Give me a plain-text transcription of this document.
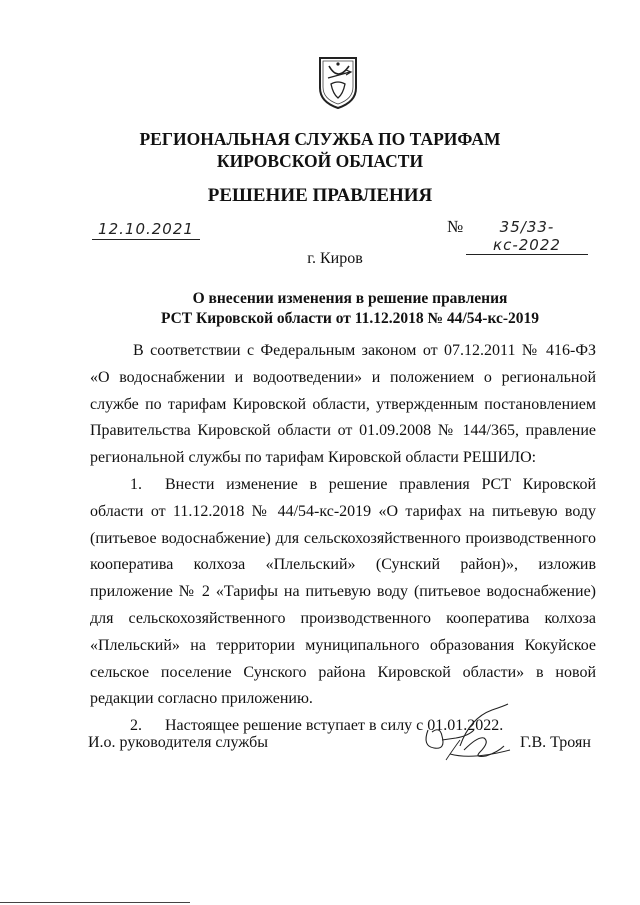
РЕГИОНАЛЬНАЯ СЛУЖБА ПО ТАРИФАМ
КИРОВСКОЙ ОБЛАСТИ
РЕШЕНИЕ ПРАВЛЕНИЯ
12.10.2021	№	35/33-кс-2022
г. Киров
О внесении изменения в решение правления
РСТ Кировской области от 11.12.2018 № 44/54-кс-2019

В соответствии с Федеральным законом от 07.12.2011 № 416-ФЗ «О водоснабжении и водоотведении» и положением о региональной службе по тарифам Кировской области, утвержденным постановлением Правительства Кировской области от 01.09.2008 № 144/365, правление региональной службы по тарифам Кировской области РЕШИЛО:

1. Внести изменение в решение правления РСТ Кировской области от 11.12.2018 № 44/54-кс-2019 «О тарифах на питьевую воду (питьевое водоснабжение) для сельскохозяйственного производственного кооператива колхоза «Плельский» (Сунский район)», изложив приложение № 2 «Тарифы на питьевую воду (питьевое водоснабжение) для сельскохозяйственного производственного кооператива колхоза «Плельский» на территории муниципального образования Кокуйское сельское поселение Сунского района Кировской области» в новой редакции согласно приложению.

2. Настоящее решение вступает в силу с 01.01.2022.

И.о. руководителя службы	Г.В. Троян
